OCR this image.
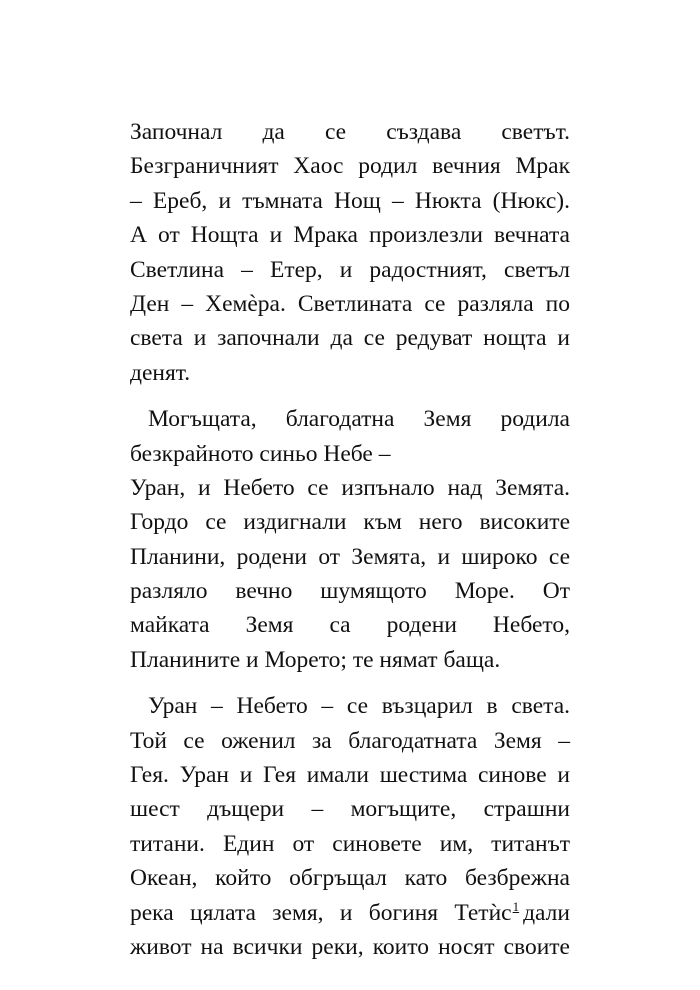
Започнал да се създава светът.
Безграничният Хаос родил вечния Мрак
– Ереб, и тъмната Нощ – Нюкта (Нюкс).
А от Нощта и Мрака произлезли вечната
Светлина – Етер, и радостният, светъл
Ден – Хемѐра. Светлината се разляла по
света и започнали да се редуват нощта и
денят.
Могъщата, благодатна Земя родила
безкрайното синьо Небе –
Уран, и Небето се изпънало над Земята.
Гордо се издигнали към него високите
Планини, родени от Земята, и широко се
разляло вечно шумящото Море. От
майката Земя са родени Небето,
Планините и Морето; те нямат баща.
Уран – Небето – се възцарил в света.
Той се оженил за благодатната Земя –
Гея. Уран и Гея имали шестима синове и
шест дъщери – могъщите, страшни
титани. Един от синовете им, титанът
Океан, който обгръщал като безбрежна
река цялата земя, и богиня Тетѝс$^1$ дали
живот на всички реки, които носят своите
